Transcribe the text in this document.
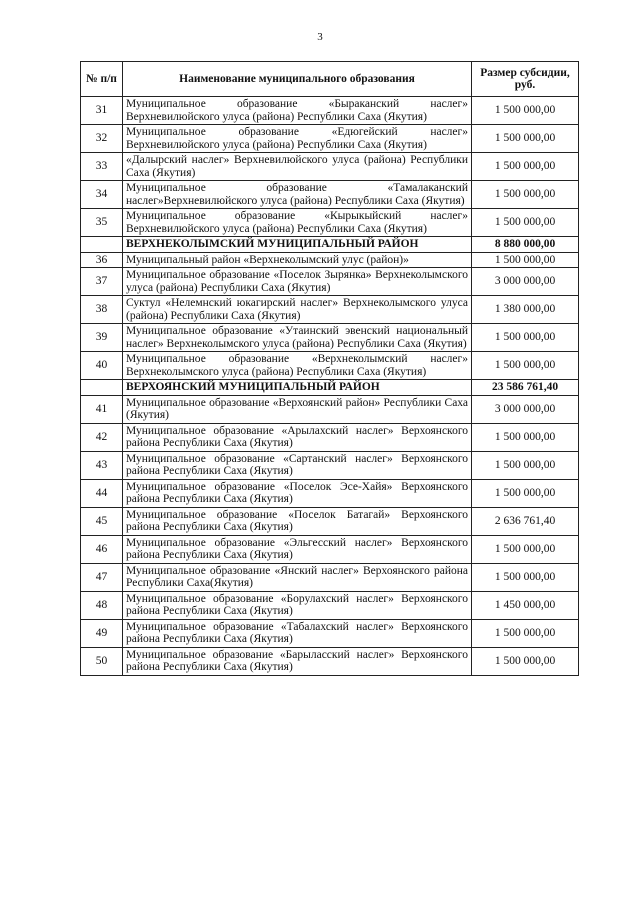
3
№ п/п	Наименование муниципального образования	Размер субсидии, руб.
31	Муниципальное образование «Быраканский наслег» Верхневилюйского улуса (района) Республики Саха (Якутия)	1 500 000,00
32	Муниципальное образование «Едюгейский наслег» Верхневилюйского улуса (района) Республики Саха (Якутия)	1 500 000,00
33	«Далырский наслег» Верхневилюйского улуса (района) Республики Саха (Якутия)	1 500 000,00
34	Муниципальное образование «Тамалаканский наслег»Верхневилюйского улуса (района) Республики Саха (Якутия)	1 500 000,00
35	Муниципальное образование «Кырыкыйский наслег» Верхневилюйского улуса (района) Республики Саха (Якутия)	1 500 000,00
	ВЕРХНЕКОЛЫМСКИЙ МУНИЦИПАЛЬНЫЙ РАЙОН	8 880 000,00
36	Муниципальный район «Верхнеколымский улус (район)»	1 500 000,00
37	Муниципальное образование «Поселок Зырянка» Верхнеколымского улуса (района) Республики Саха (Якутия)	3 000 000,00
38	Суктул «Нелемнский юкагирский наслег» Верхнеколымского улуса (района) Республики Саха (Якутия)	1 380 000,00
39	Муниципальное образование «Утаинский эвенский национальный наслег» Верхнеколымского улуса (района) Республики Саха (Якутия)	1 500 000,00
40	Муниципальное образование «Верхнеколымский наслег» Верхнеколымского улуса (района) Республики Саха (Якутия)	1 500 000,00
	ВЕРХОЯНСКИЙ МУНИЦИПАЛЬНЫЙ РАЙОН	23 586 761,40
41	Муниципальное образование «Верхоянский район» Республики Саха (Якутия)	3 000 000,00
42	Муниципальное образование «Арылахский наслег» Верхоянского района Республики Саха (Якутия)	1 500 000,00
43	Муниципальное образование «Сартанский наслег» Верхоянского района Республики Саха (Якутия)	1 500 000,00
44	Муниципальное образование «Поселок Эсе-Хайя» Верхоянского района Республики Саха (Якутия)	1 500 000,00
45	Муниципальное образование «Поселок Батагай» Верхоянского района Республики Саха (Якутия)	2 636 761,40
46	Муниципальное образование «Эльгесский наслег» Верхоянского района Республики Саха (Якутия)	1 500 000,00
47	Муниципальное образование «Янский наслег» Верхоянского района Республики Саха(Якутия)	1 500 000,00
48	Муниципальное образование «Борулахский наслег» Верхоянского района Республики Саха (Якутия)	1 450 000,00
49	Муниципальное образование «Табалахский наслег» Верхоянского района Республики Саха (Якутия)	1 500 000,00
50	Муниципальное образование «Барыласский наслег» Верхоянского района Республики Саха (Якутия)	1 500 000,00
